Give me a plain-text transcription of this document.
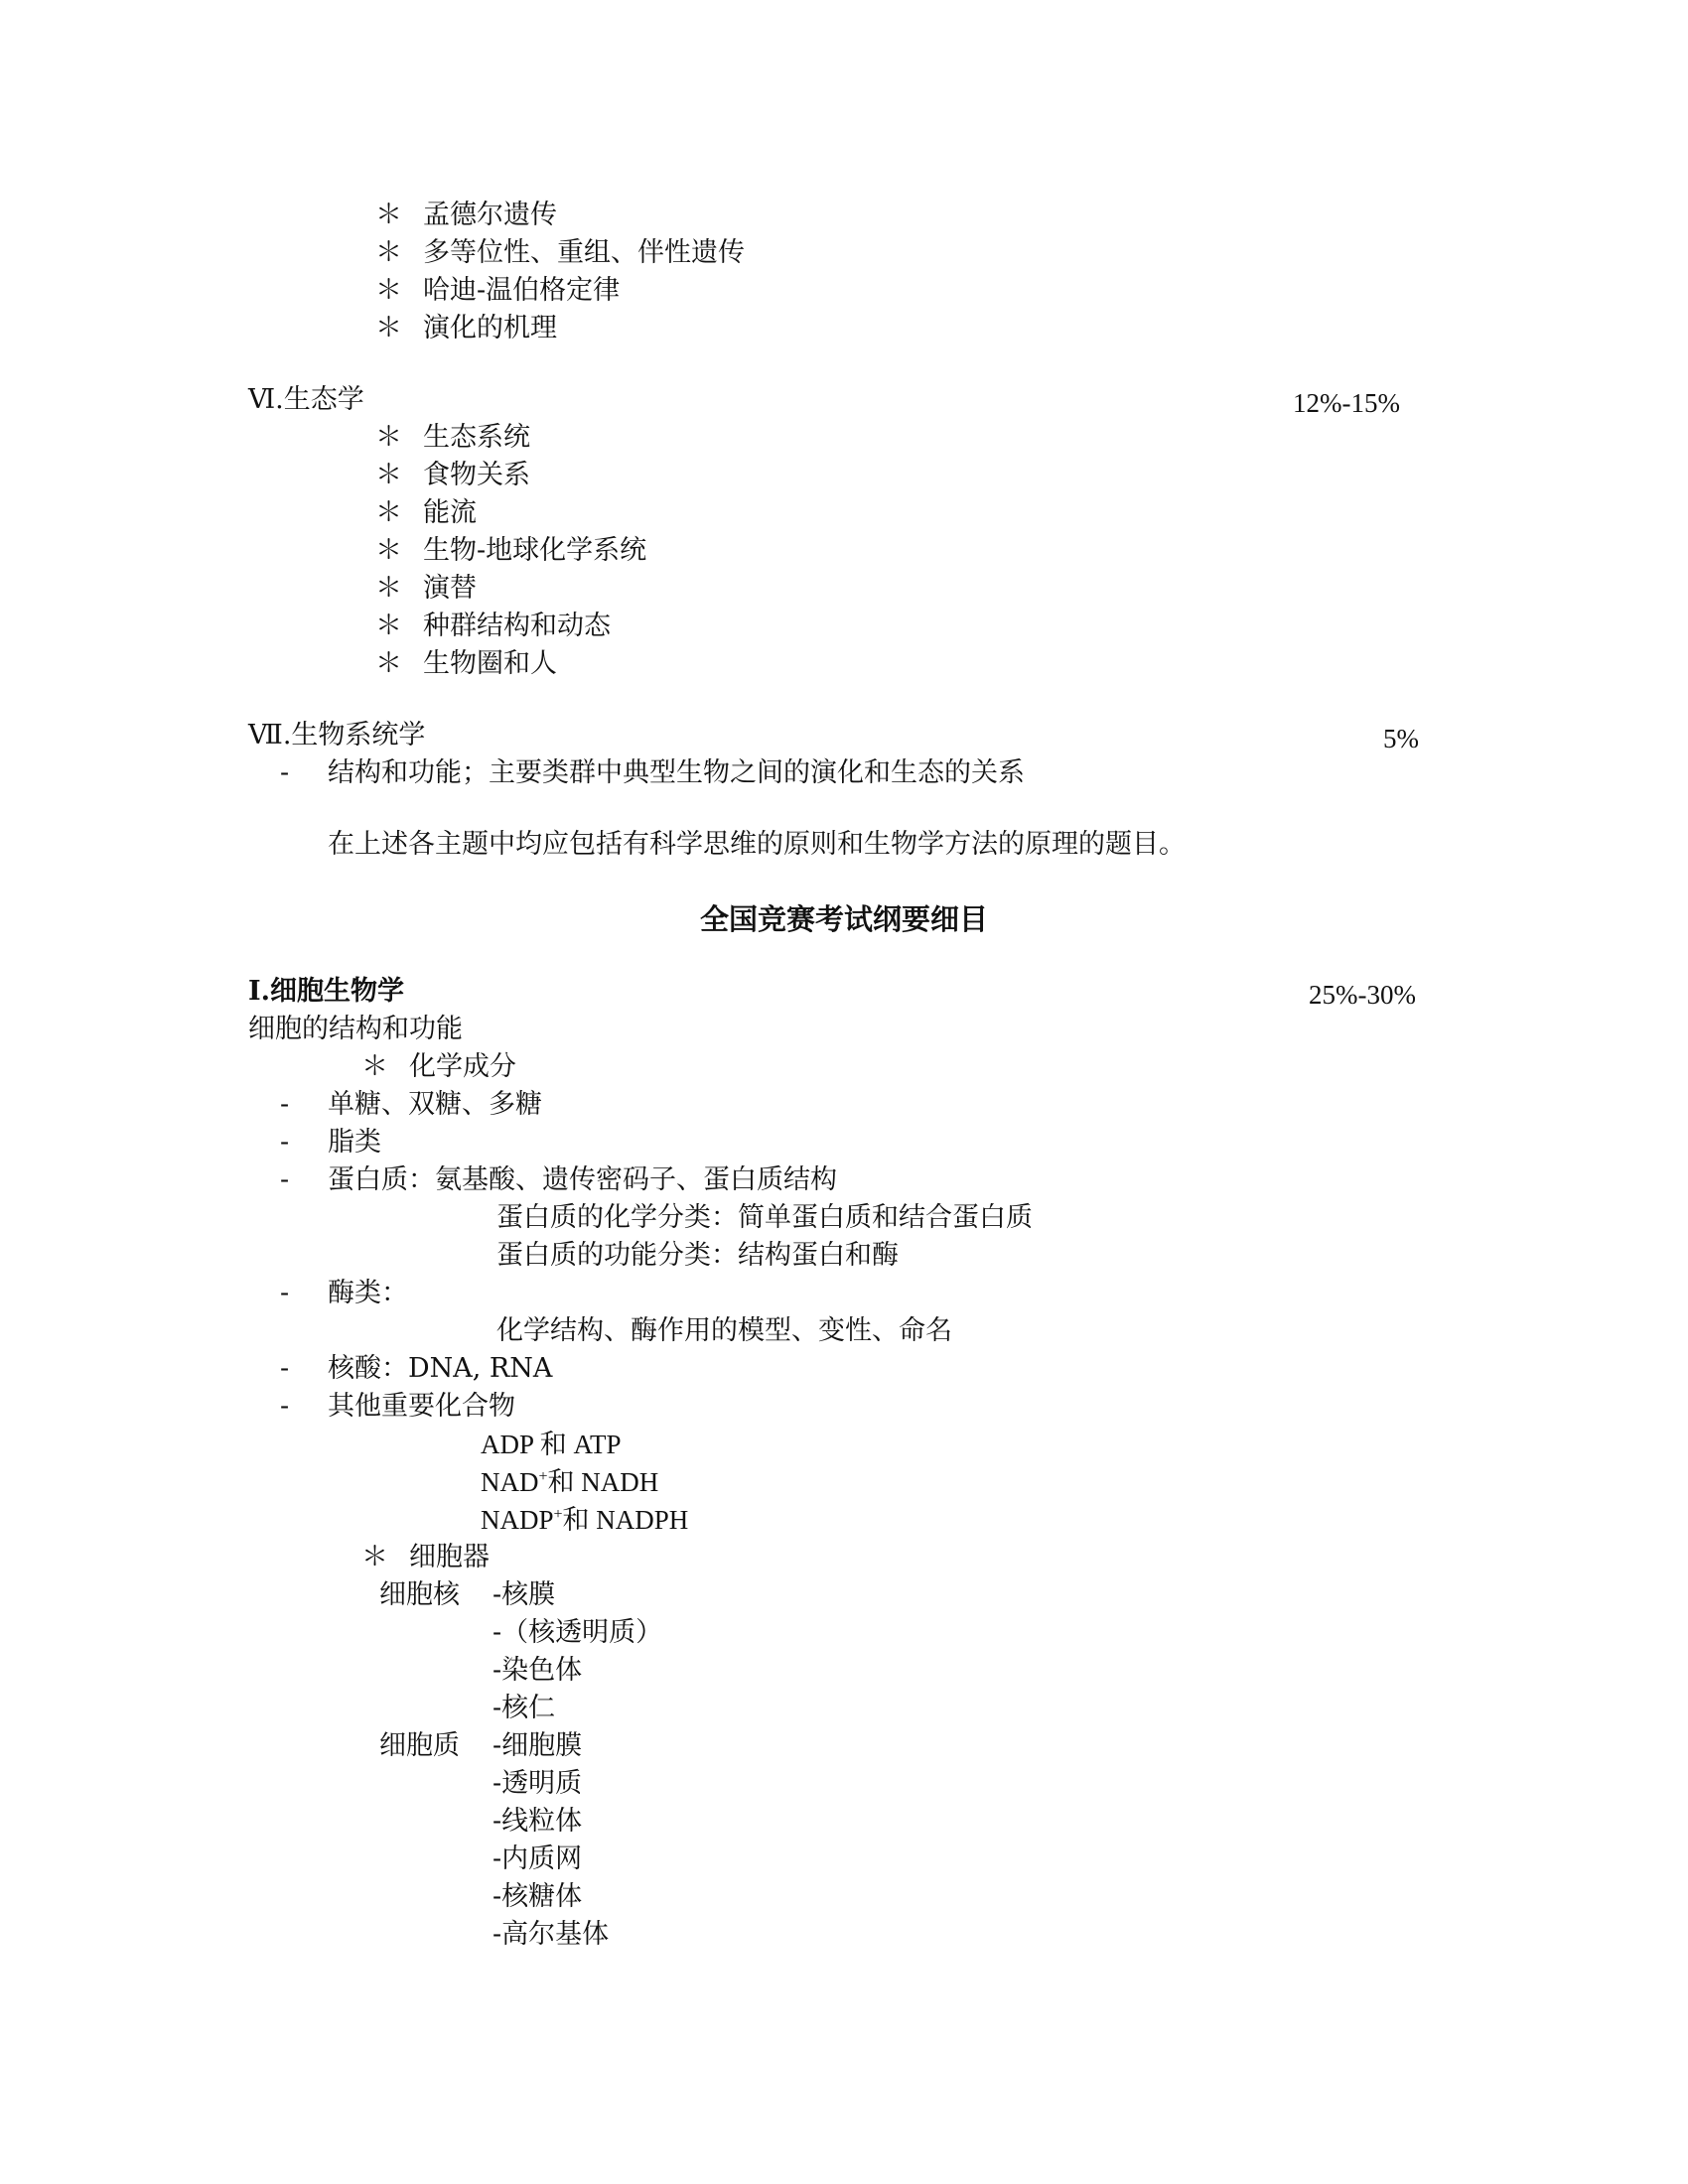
＊ 孟德尔遗传
＊ 多等位性、重组、伴性遗传
＊ 哈迪-温伯格定律
＊ 演化的机理
Ⅵ.生态学	12%-15%
＊ 生态系统
＊ 食物关系
＊ 能流
＊ 生物-地球化学系统
＊ 演替
＊ 种群结构和动态
＊ 生物圈和人
Ⅶ.生物系统学	5%
- 结构和功能；主要类群中典型生物之间的演化和生态的关系
在上述各主题中均应包括有科学思维的原则和生物学方法的原理的题目。
全国竞赛考试纲要细目
Ⅰ.细胞生物学	25%-30%
细胞的结构和功能
＊ 化学成分
- 单糖、双糖、多糖
- 脂类
- 蛋白质：氨基酸、遗传密码子、蛋白质结构
蛋白质的化学分类：简单蛋白质和结合蛋白质
蛋白质的功能分类：结构蛋白和酶
- 酶类：
化学结构、酶作用的模型、变性、命名
- 核酸：DNA, RNA
- 其他重要化合物
ADP 和 ATP
NAD+和 NADH
NADP+和 NADPH
＊ 细胞器
细胞核 -核膜
-（核透明质）
-染色体
-核仁
细胞质 -细胞膜
-透明质
-线粒体
-内质网
-核糖体
-高尔基体
